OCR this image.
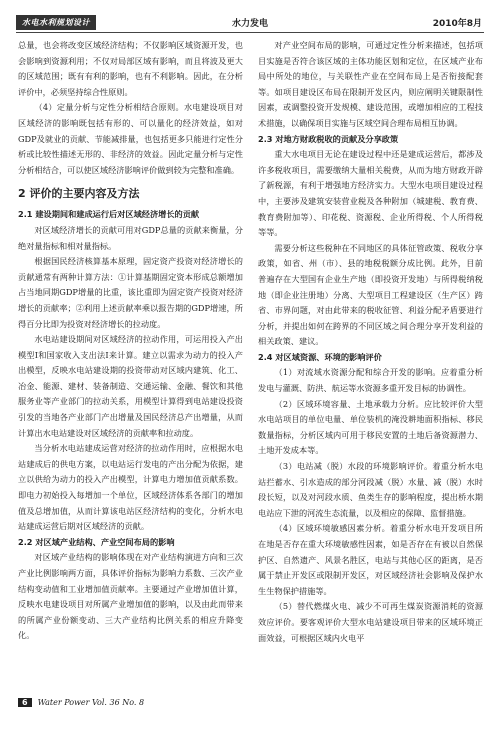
水电水利规划设计	水力发电	2010年8月

总量，也会将改变区域经济结构；不仅影响区域资源开发，也会影响到资源利用；不仅对局部区域有影响，而且将波及更大的区域范围；既有有利的影响，也有不利影响。因此，在分析评价中，必须坚持综合性原则。

（4）定量分析与定性分析相结合原则。水电建设项目对区域经济的影响既包括有形的、可以量化的经济效益，如对GDP及就业的贡献、节能减排量，也包括更多只能进行定性分析或比较性描述无形的、非经济的效益。因此定量分析与定性分析相结合，可以使区域经济影响评价做到较为完整和准确。

2 评价的主要内容及方法
2.1 建设期间和建成运行后对区域经济增长的贡献

对区域经济增长的贡献可用对GDP总量的贡献来衡量，分绝对量指标和相对量指标。

根据国民经济核算基本原理，固定资产投资对经济增长的贡献通常有两种计算方法：①计算基期固定资本形成总额增加占当地同期GDP增量的比重，该比重即为固定资产投资对经济增长的贡献率；②利用上述贡献率乘以报告期的GDP增速，所得百分比即为投资对经济增长的拉动度。

水电站建设期间对区域经济的拉动作用，可运用投入产出模型I和国家收入支出法I来计算。建立以需求为动力的投入产出模型，反映水电站建设期的投资带动对区域内建筑、化工、冶金、能源、建材、装备制造、交通运输、金融、餐饮和其他服务业等产业部门的拉动关系，用模型计算得到电站建设投资引发的当地各产业部门产出增量及国民经济总产出增量，从而计算出水电站建设对区域经济的贡献率和拉动度。

当分析水电站建成运营对经济的拉动作用时，应根据水电站建成后的供电方案，以电站运行发电的产出分配为依据，建立以供给为动力的投入产出模型，计算电力增加值贡献系数。即电力初始投入每增加一个单位，区域经济体系各部门的增加值及总增加值，从而计算该电站区经济结构的变化，分析水电站建成运营后期对区域经济的贡献。

2.2 对区域产业结构、产业空间布局的影响

对区域产业结构的影响体现在对产业结构演进方向和三次产业比例影响两方面，具体评价指标为影响力系数、三次产业结构变动值和工业增加值贡献率。主要通过产业增加值计算，反映水电建设项目对所属产业增加值的影响，以及由此而带来的所属产业份额变动、三大产业结构比例关系的相应升降变化。

对产业空间布局的影响，可通过定性分析来描述，包括项目实施是否符合该区域的主体功能区划和定位，在区域产业布局中所处的地位，与关联性产业在空间布局上是否衔接配套等。如项目建设区布局在限制开发区内，则应阐明关键限制性因素，或调整投资开发规模、建设范围，或增加相应的工程技术措施，以确保项目实施与区域空间合理布局相互协调。

2.3 对地方财政税收的贡献及分享政策

重大水电项目无论在建设过程中还是建成运营后，都涉及许多税收项目，需要缴纳大量相关税费，从而为地方财政开辟了新税源，有利于增强地方经济实力。大型水电项目建设过程中，主要涉及建筑安装营业税及各种附加（城建税、教育费、教育费附加等）、印花税、资源税、企业所得税、个人所得税等等。

需要分析这些税种在不同地区的具体征管政策、税收分享政策，如省、州（市）、县的地税税额分成比例。此外，目前普遍存在大型国有企业生产地（即投资开发地）与所得税纳税地（即企业注册地）分离、大型项目工程建设区（生产区）跨省、市界问题，对由此带来的税收征管、利益分配矛盾要进行分析，并提出如何在跨界的不同区域之间合理分享开发利益的相关政策、建议。

2.4 对区域资源、环境的影响评价

（1）对流域水资源分配和综合开发的影响。应着重分析发电与灌溉、防洪、航运等水资源多重开发目标的协调性。

（2）区域环境容量、土地承载力分析。应比较评价大型水电站项目的单位电量、单位装机的淹没耕地面积指标、移民数量指标，分析区域内可用于移民安置的土地后备资源潜力、土地开发成本等。

（3）电站减（脱）水段的环境影响评价。着重分析水电站拦蓄水、引水造成的部分河段减（脱）水量、减（脱）水时段长短，以及对河段水质、鱼类生存的影响程度，提出桥水期电站应下泄的河流生态流量，以及相应的保障、监督措施。

（4）区域环境敏感因素分析。着重分析水电开发项目所在地是否存在重大环境敏感性因素，如是否存在有被以自然保护区、自然遗产、风景名胜区，电站与其他心区的距离，是否属于禁止开发区或限制开发区，对区域经济社会影响及保护水生生物保护措施等。

（5）替代燃煤火电、减少不可再生煤炭资源消耗的资源效应评价。要客观评价大型水电站建设项目带来的区域环境正面效益，可根据区域内火电平

6 Water Power Vol. 36 No. 8
